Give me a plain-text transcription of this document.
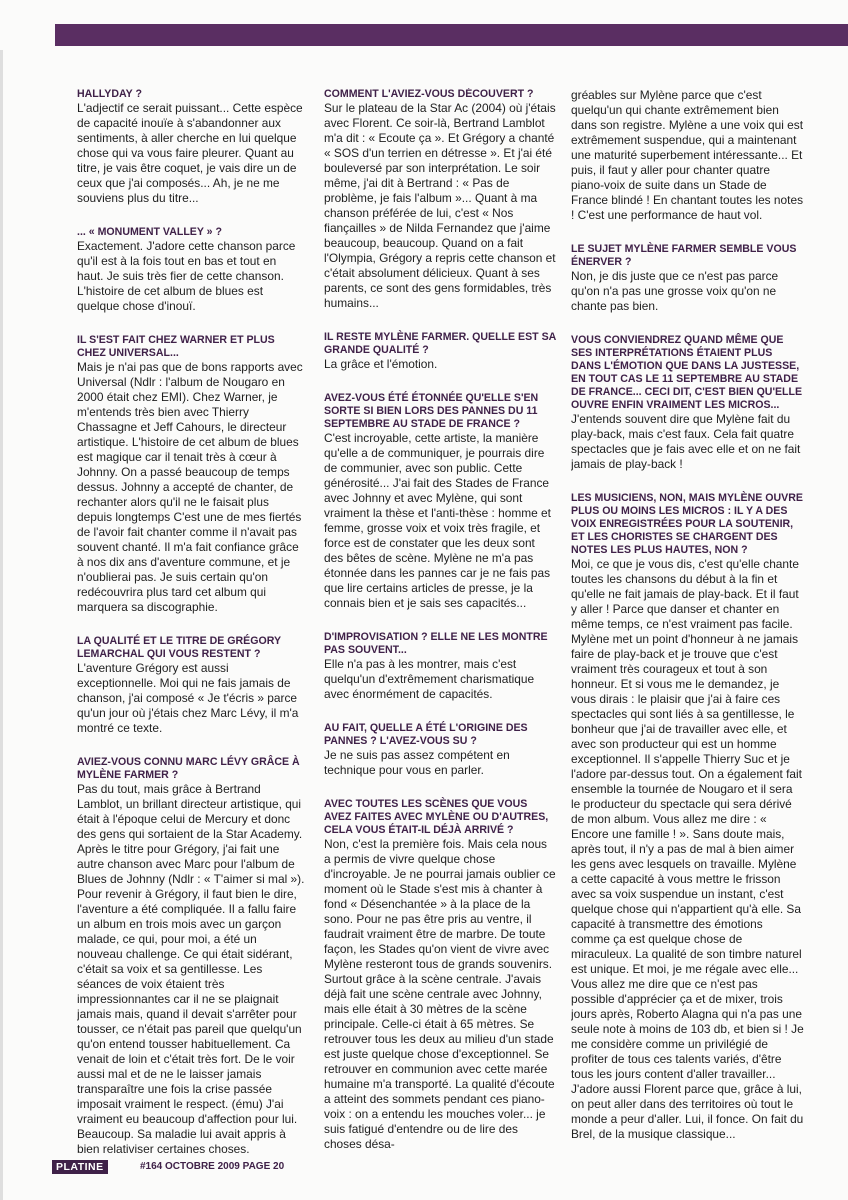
HALLYDAY ?

L'adjectif ce serait puissant... Cette espèce de capacité inouïe à s'abandonner aux sentiments, à aller cherche en lui quelque chose qui va vous faire pleurer. Quant au titre, je vais être coquet, je vais dire un de ceux que j'ai composés... Ah, je ne me souviens plus du titre...

... « MONUMENT VALLEY » ?

Exactement. J'adore cette chanson parce qu'il est à la fois tout en bas et tout en haut. Je suis très fier de cette chanson. L'histoire de cet album de blues est quelque chose d'inouï.

IL S'EST FAIT CHEZ WARNER ET PLUS CHEZ UNIVERSAL...

Mais je n'ai pas que de bons rapports avec Universal (Ndlr : l'album de Nougaro en 2000 était chez EMI). Chez Warner, je m'entends très bien avec Thierry Chassagne et Jeff Cahours, le directeur artistique. L'histoire de cet album de blues est magique car il tenait très à cœur à Johnny. On a passé beaucoup de temps dessus. Johnny a accepté de chanter, de rechanter alors qu'il ne le faisait plus depuis longtemps C'est une de mes fiertés de l'avoir fait chanter comme il n'avait pas souvent chanté. Il m'a fait confiance grâce à nos dix ans d'aventure commune, et je n'oublierai pas. Je suis certain qu'on redécouvrira plus tard cet album qui marquera sa discographie.

LA QUALITÉ ET LE TITRE DE GRÉGORY LEMARCHAL QUI VOUS RESTENT ?

L'aventure Grégory est aussi exceptionnelle. Moi qui ne fais jamais de chanson, j'ai composé « Je t'écris » parce qu'un jour où j'étais chez Marc Lévy, il m'a montré ce texte.

AVIEZ-VOUS CONNU MARC LÉVY GRÂCE À MYLÈNE FARMER ?

Pas du tout, mais grâce à Bertrand Lamblot, un brillant directeur artistique, qui était à l'époque celui de Mercury et donc des gens qui sortaient de la Star Academy. Après le titre pour Grégory, j'ai fait une autre chanson avec Marc pour l'album de Blues de Johnny (Ndlr : « T'aimer si mal »). Pour revenir à Grégory, il faut bien le dire, l'aventure a été compliquée. Il a fallu faire un album en trois mois avec un garçon malade, ce qui, pour moi, a été un nouveau challenge. Ce qui était sidérant, c'était sa voix et sa gentillesse. Les séances de voix étaient très impressionnantes car il ne se plaignait jamais mais, quand il devait s'arrêter pour tousser, ce n'était pas pareil que quelqu'un qu'on entend tousser habituellement. Ca venait de loin et c'était très fort. De le voir aussi mal et de ne le laisser jamais transparaître une fois la crise passée imposait vraiment le respect. (ému) J'ai vraiment eu beaucoup d'affection pour lui. Beaucoup. Sa maladie lui avait appris à bien relativiser certaines choses.

COMMENT L'AVIEZ-VOUS DÉCOUVERT ?

Sur le plateau de la Star Ac (2004) où j'étais avec Florent. Ce soir-là, Bertrand Lamblot m'a dit : « Ecoute ça ». Et Grégory a chanté « SOS d'un terrien en détresse ». Et j'ai été bouleversé par son interprétation. Le soir même, j'ai dit à Bertrand : « Pas de problème, je fais l'album »... Quant à ma chanson préférée de lui, c'est « Nos fiançailles » de Nilda Fernandez que j'aime beaucoup, beaucoup. Quand on a fait l'Olympia, Grégory a repris cette chanson et c'était absolument délicieux. Quant à ses parents, ce sont des gens formidables, très humains...

IL RESTE MYLÈNE FARMER. QUELLE EST SA GRANDE QUALITÉ ?

La grâce et l'émotion.

AVEZ-VOUS ÉTÉ ÉTONNÉE QU'ELLE S'EN SORTE SI BIEN LORS DES PANNES DU 11 SEPTEMBRE AU STADE DE FRANCE ?

C'est incroyable, cette artiste, la manière qu'elle a de communiquer, je pourrais dire de communier, avec son public. Cette générosité... J'ai fait des Stades de France avec Johnny et avec Mylène, qui sont vraiment la thèse et l'anti-thèse : homme et femme, grosse voix et voix très fragile, et force est de constater que les deux sont des bêtes de scène. Mylène ne m'a pas étonnée dans les pannes car je ne fais pas que lire certains articles de presse, je la connais bien et je sais ses capacités...

D'IMPROVISATION ? ELLE NE LES MONTRE PAS SOUVENT...

Elle n'a pas à les montrer, mais c'est quelqu'un d'extrêmement charismatique avec énormément de capacités.

AU FAIT, QUELLE A ÉTÉ L'ORIGINE DES PANNES ? L'AVEZ-VOUS SU ?

Je ne suis pas assez compétent en technique pour vous en parler.

AVEC TOUTES LES SCÈNES QUE VOUS AVEZ FAITES AVEC MYLÈNE OU D'AUTRES, CELA VOUS ÉTAIT-IL DÉJÀ ARRIVÉ ?

Non, c'est la première fois. Mais cela nous a permis de vivre quelque chose d'incroyable. Je ne pourrai jamais oublier ce moment où le Stade s'est mis à chanter à fond « Désenchantée » à la place de la sono. Pour ne pas être pris au ventre, il faudrait vraiment être de marbre. De toute façon, les Stades qu'on vient de vivre avec Mylène resteront tous de grands souvenirs. Surtout grâce à la scène centrale. J'avais déjà fait une scène centrale avec Johnny, mais elle était à 30 mètres de la scène principale. Celle-ci était à 65 mètres. Se retrouver tous les deux au milieu d'un stade est juste quelque chose d'exceptionnel. Se retrouver en communion avec cette marée humaine m'a transporté. La qualité d'écoute a atteint des sommets pendant ces piano-voix : on a entendu les mouches voler... je suis fatigué d'entendre ou de lire des choses désa-

gréables sur Mylène parce que c'est quelqu'un qui chante extrêmement bien dans son registre. Mylène a une voix qui est extrêmement suspendue, qui a maintenant une maturité superbement intéressante... Et puis, il faut y aller pour chanter quatre piano-voix de suite dans un Stade de France blindé ! En chantant toutes les notes ! C'est une performance de haut vol.

LE SUJET MYLÈNE FARMER SEMBLE VOUS ÉNERVER ?

Non, je dis juste que ce n'est pas parce qu'on n'a pas une grosse voix qu'on ne chante pas bien.

VOUS CONVIENDREZ QUAND MÊME QUE SES INTERPRÉTATIONS ÉTAIENT PLUS DANS L'ÉMOTION QUE DANS LA JUSTESSE, EN TOUT CAS LE 11 SEPTEMBRE AU STADE DE FRANCE... CECI DIT, C'EST BIEN QU'ELLE OUVRE ENFIN VRAIMENT LES MICROS...

J'entends souvent dire que Mylène fait du play-back, mais c'est faux. Cela fait quatre spectacles que je fais avec elle et on ne fait jamais de play-back !

LES MUSICIENS, NON, MAIS MYLÈNE OUVRE PLUS OU MOINS LES MICROS : IL Y A DES VOIX ENREGISTRÉES POUR LA SOUTENIR, ET LES CHORISTES SE CHARGENT DES NOTES LES PLUS HAUTES, NON ?

Moi, ce que je vous dis, c'est qu'elle chante toutes les chansons du début à la fin et qu'elle ne fait jamais de play-back. Et il faut y aller ! Parce que danser et chanter en même temps, ce n'est vraiment pas facile. Mylène met un point d'honneur à ne jamais faire de play-back et je trouve que c'est vraiment très courageux et tout à son honneur. Et si vous me le demandez, je vous dirais : le plaisir que j'ai à faire ces spectacles qui sont liés à sa gentillesse, le bonheur que j'ai de travailler avec elle, et avec son producteur qui est un homme exceptionnel. Il s'appelle Thierry Suc et je l'adore par-dessus tout. On a également fait ensemble la tournée de Nougaro et il sera le producteur du spectacle qui sera dérivé de mon album. Vous allez me dire : « Encore une famille ! ». Sans doute mais, après tout, il n'y a pas de mal à bien aimer les gens avec lesquels on travaille. Mylène a cette capacité à vous mettre le frisson avec sa voix suspendue un instant, c'est quelque chose qui n'appartient qu'à elle. Sa capacité à transmettre des émotions comme ça est quelque chose de miraculeux. La qualité de son timbre naturel est unique. Et moi, je me régale avec elle... Vous allez me dire que ce n'est pas possible d'apprécier ça et de mixer, trois jours après, Roberto Alagna qui n'a pas une seule note à moins de 103 db, et bien si ! Je me considère comme un privilégié de profiter de tous ces talents variés, d'être tous les jours content d'aller travailler... J'adore aussi Florent parce que, grâce à lui, on peut aller dans des territoires où tout le monde a peur d'aller. Lui, il fonce. On fait du Brel, de la musique classique...

PLATINE	#164 OCTOBRE 2009 PAGE 20
